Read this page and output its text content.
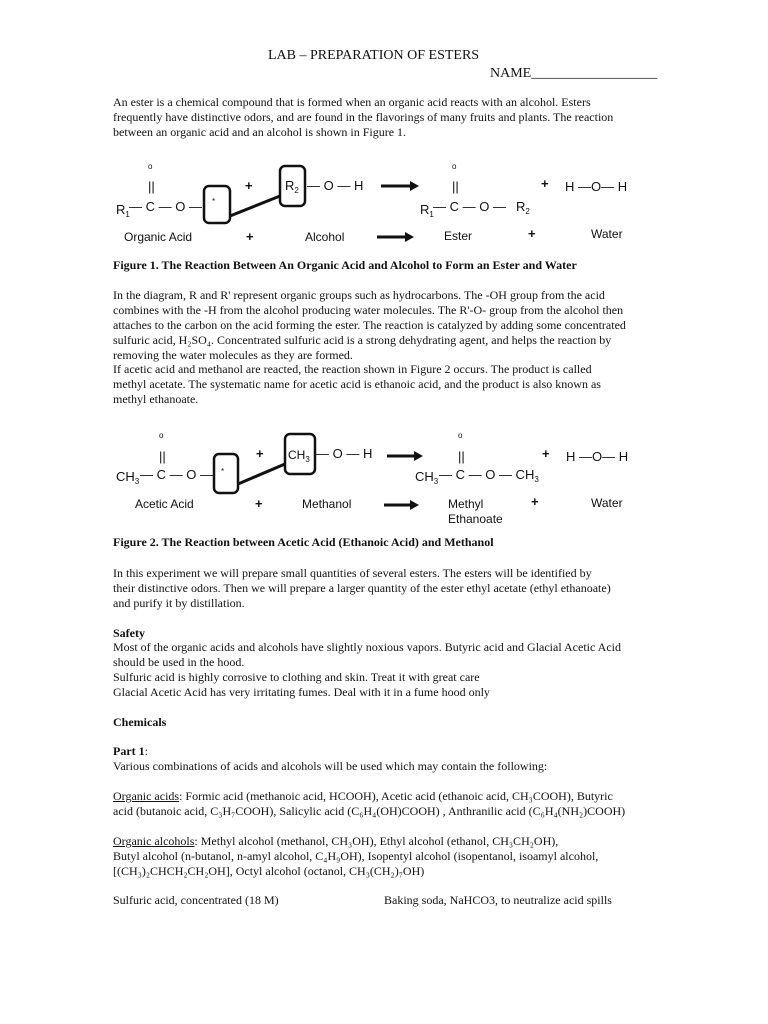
LAB – PREPARATION OF ESTERS
NAME__________________
An ester is a chemical compound that is formed when an organic acid reacts with an alcohol. Esters
frequently have distinctive odors, and are found in the flavorings of many fruits and plants. The reaction
between an organic acid and an alcohol is shown in Figure 1.
o
||
$R_1$
— C — O — *
+ $R_2$ — O — H
o
||
$R_1$
— C — O — $R_2$
+ H —O— H
Organic Acid	+	Alcohol	Ester	+	Water
Figure 1. The Reaction Between An Organic Acid and Alcohol to Form an Ester and Water
In the diagram, R and R' represent organic groups such as hydrocarbons. The -OH group from the acid
combines with the -H from the alcohol producing water molecules. The R'-O- group from the alcohol then
attaches to the carbon on the acid forming the ester. The reaction is catalyzed by adding some concentrated
sulfuric acid, H₂SO₄. Concentrated sulfuric acid is a strong dehydrating agent, and helps the reaction by
removing the water molecules as they are formed.
If acetic acid and methanol are reacted, the reaction shown in Figure 2 occurs. The product is called
methyl acetate. The systematic name for acetic acid is ethanoic acid, and the product is also known as
methyl ethanoate.
o
||
$CH_3$ — C — O — *
+ $CH_3$ — O — H
o
||
$CH_3$ — C — O — $CH_3$
+ H —O— H
Acetic Acid	+	Methanol	Methyl
Ethanoate
+	Water
Figure 2. The Reaction between Acetic Acid (Ethanoic Acid) and Methanol
In this experiment we will prepare small quantities of several esters. The esters will be identified by
their distinctive odors. Then we will prepare a larger quantity of the ester ethyl acetate (ethyl ethanoate)
and purify it by distillation.
Safety
Most of the organic acids and alcohols have slightly noxious vapors. Butyric acid and Glacial Acetic Acid
should be used in the hood.
Sulfuric acid is highly corrosive to clothing and skin. Treat it with great care
Glacial Acetic Acid has very irritating fumes. Deal with it in a fume hood only
Chemicals
Part 1:
Various combinations of acids and alcohols will be used which may contain the following:
Organic acids: Formic acid (methanoic acid, HCOOH), Acetic acid (ethanoic acid, CH₃COOH), Butyric
acid (butanoic acid, C₃H₇COOH), Salicylic acid (C₆H₄(OH)COOH) , Anthranilic acid (C₆H₄(NH₂)COOH)
Organic alcohols: Methyl alcohol (methanol, CH₃OH), Ethyl alcohol (ethanol, CH₃CH₂OH),
Butyl alcohol (n-butanol, n-amyl alcohol, C₄H₉OH), Isopentyl alcohol (isopentanol, isoamyl alcohol,
[(CH₃)₂CHCH₂CH₂OH], Octyl alcohol (octanol, CH₃(CH₂)₇OH)
Sulfuric acid, concentrated (18 M)	Baking soda, NaHCO3, to neutralize acid spills
